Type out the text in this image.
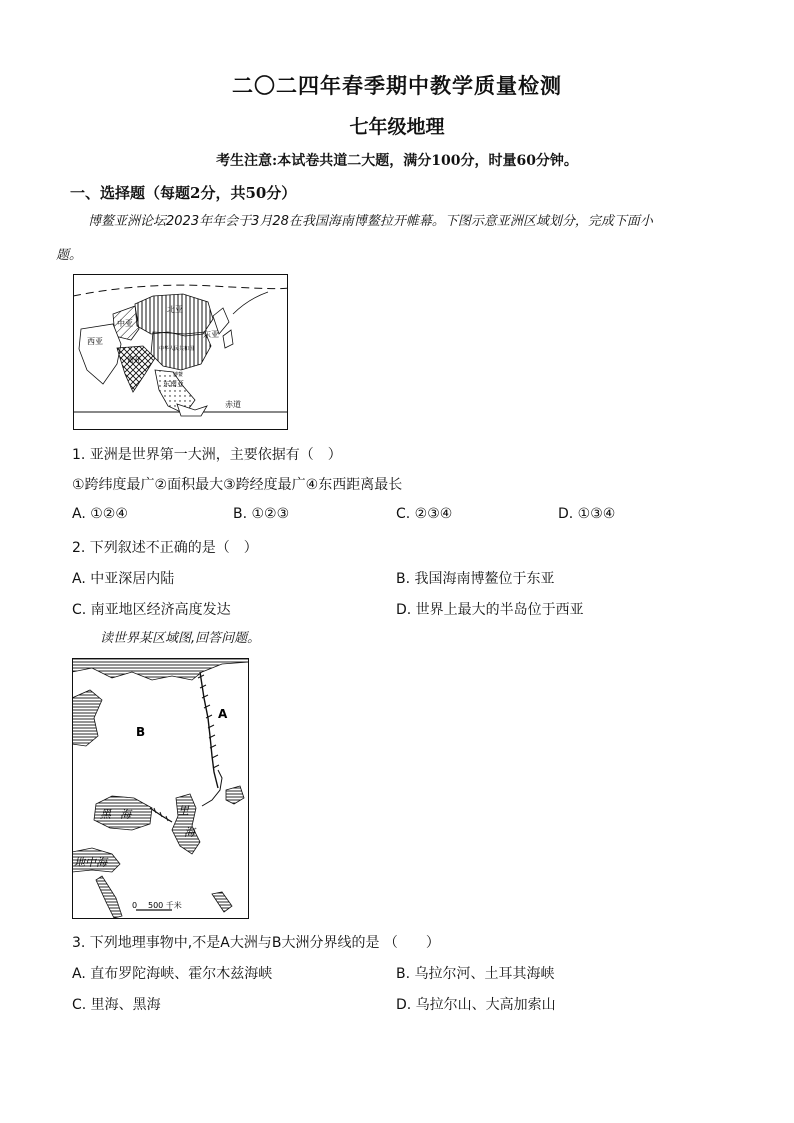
二〇二四年春季期中教学质量检测
七年级地理
考生注意:本试卷共道二大题，满分100分，时量60分钟。
一、选择题（每题2分，共50分）
博鳌亚洲论坛2023年年会于3月28在我国海南博鳌拉开帷幕。下图示意亚洲区域划分，完成下面小
题。
北亚
中亚
东亚
西亚
南亚
东南亚
中华人民共和国
博鳌
赤道
1. 亚洲是世界第一大洲，主要依据有（　）
①跨纬度最广②面积最大③跨经度最广④东西距离最长
A. ①②④	B. ①②③	C. ②③④	D. ①③④
2. 下列叙述不正确的是（　）
A. 中亚深居内陆	B. 我国海南博鳌位于东亚
C. 南亚地区经济高度发达	D. 世界上最大的半岛位于西亚
读世界某区域图,回答问题。
A
B
黑 海	里
海
地中海
0 500 千米
3. 下列地理事物中,不是A大洲与B大洲分界线的是 （　　）
A. 直布罗陀海峡、霍尔木兹海峡	B. 乌拉尔河、土耳其海峡
C. 里海、黑海	D. 乌拉尔山、大高加索山
